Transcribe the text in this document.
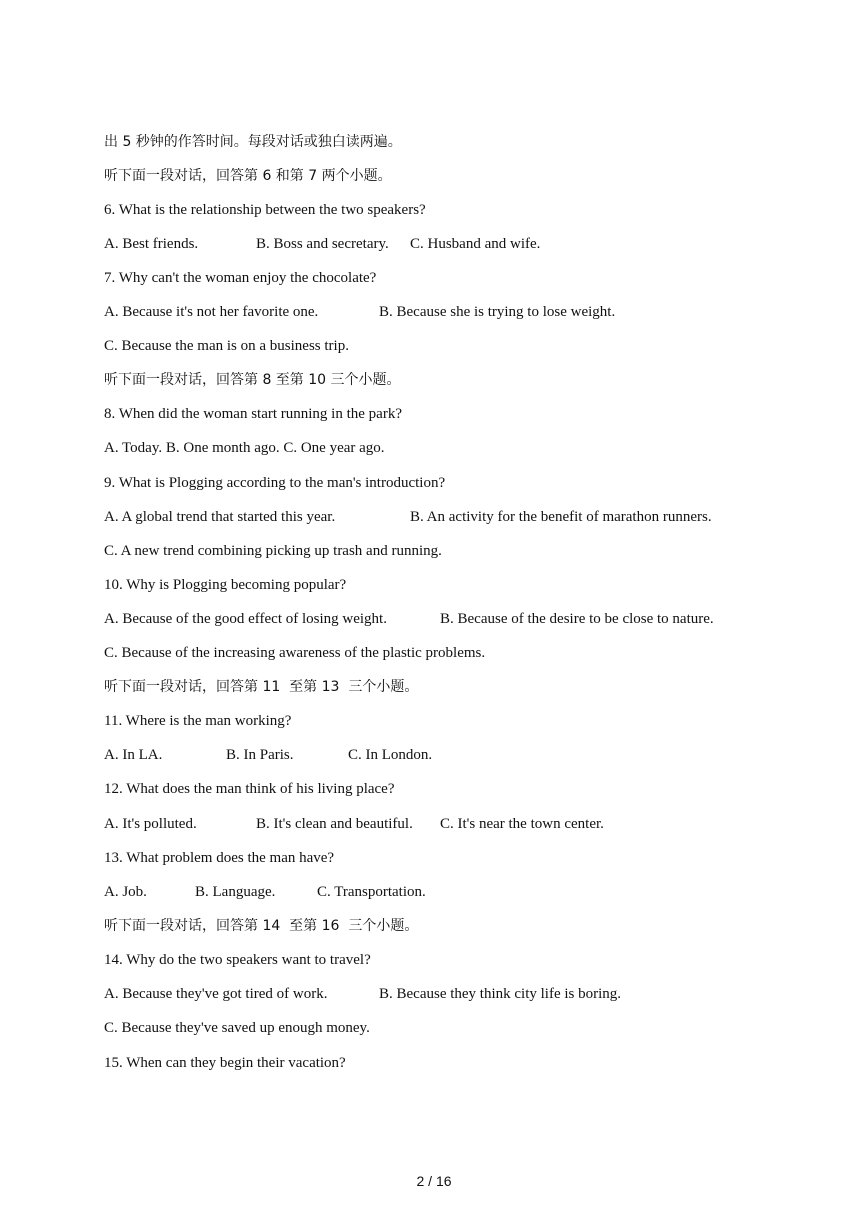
出 5 秒钟的作答时间。每段对话或独白读两遍。
听下面一段对话，回答第 6 和第 7 两个小题。
6. What is the relationship between the two speakers?

A. Best friends.

	B. Boss and secretary.

C. Husband and wife.

7. Why can't the woman enjoy the chocolate?

A. Because it's not her favorite one.

	B. Because she is trying to lose weight.

C. Because the man is on a business trip.
听下面一段对话，回答第 8 至第 10 三个小题。
8. When did the woman start running in the park?
A. Today. B. One month ago. C. One year ago.
9. What is Plogging according to the man's introduction?

A. A global trend that started this year.

	B. An activity for the benefit of marathon runners.

C. A new trend combining picking up trash and running.
10. Why is Plogging becoming popular?

A. Because of the good effect of losing weight.

	B. Because of the desire to be close to nature.

C. Because of the increasing awareness of the plastic problems.
听下面一段对话，回答第 11  至第 13  三个小题。
11. Where is the man working?

A. In LA.

	B. In Paris.

	C. In London.

12. What does the man think of his living place?

A. It's polluted.

	B. It's clean and beautiful.

C. It's near the town center.

13. What problem does the man have?

A. Job.

	B. Language.

	C. Transportation.

听下面一段对话，回答第 14  至第 16  三个小题。
14. Why do the two speakers want to travel?

A. Because they've got tired of work.

	B. Because they think city life is boring.

C. Because they've saved up enough money.
15. When can they begin their vacation?
2 / 16
